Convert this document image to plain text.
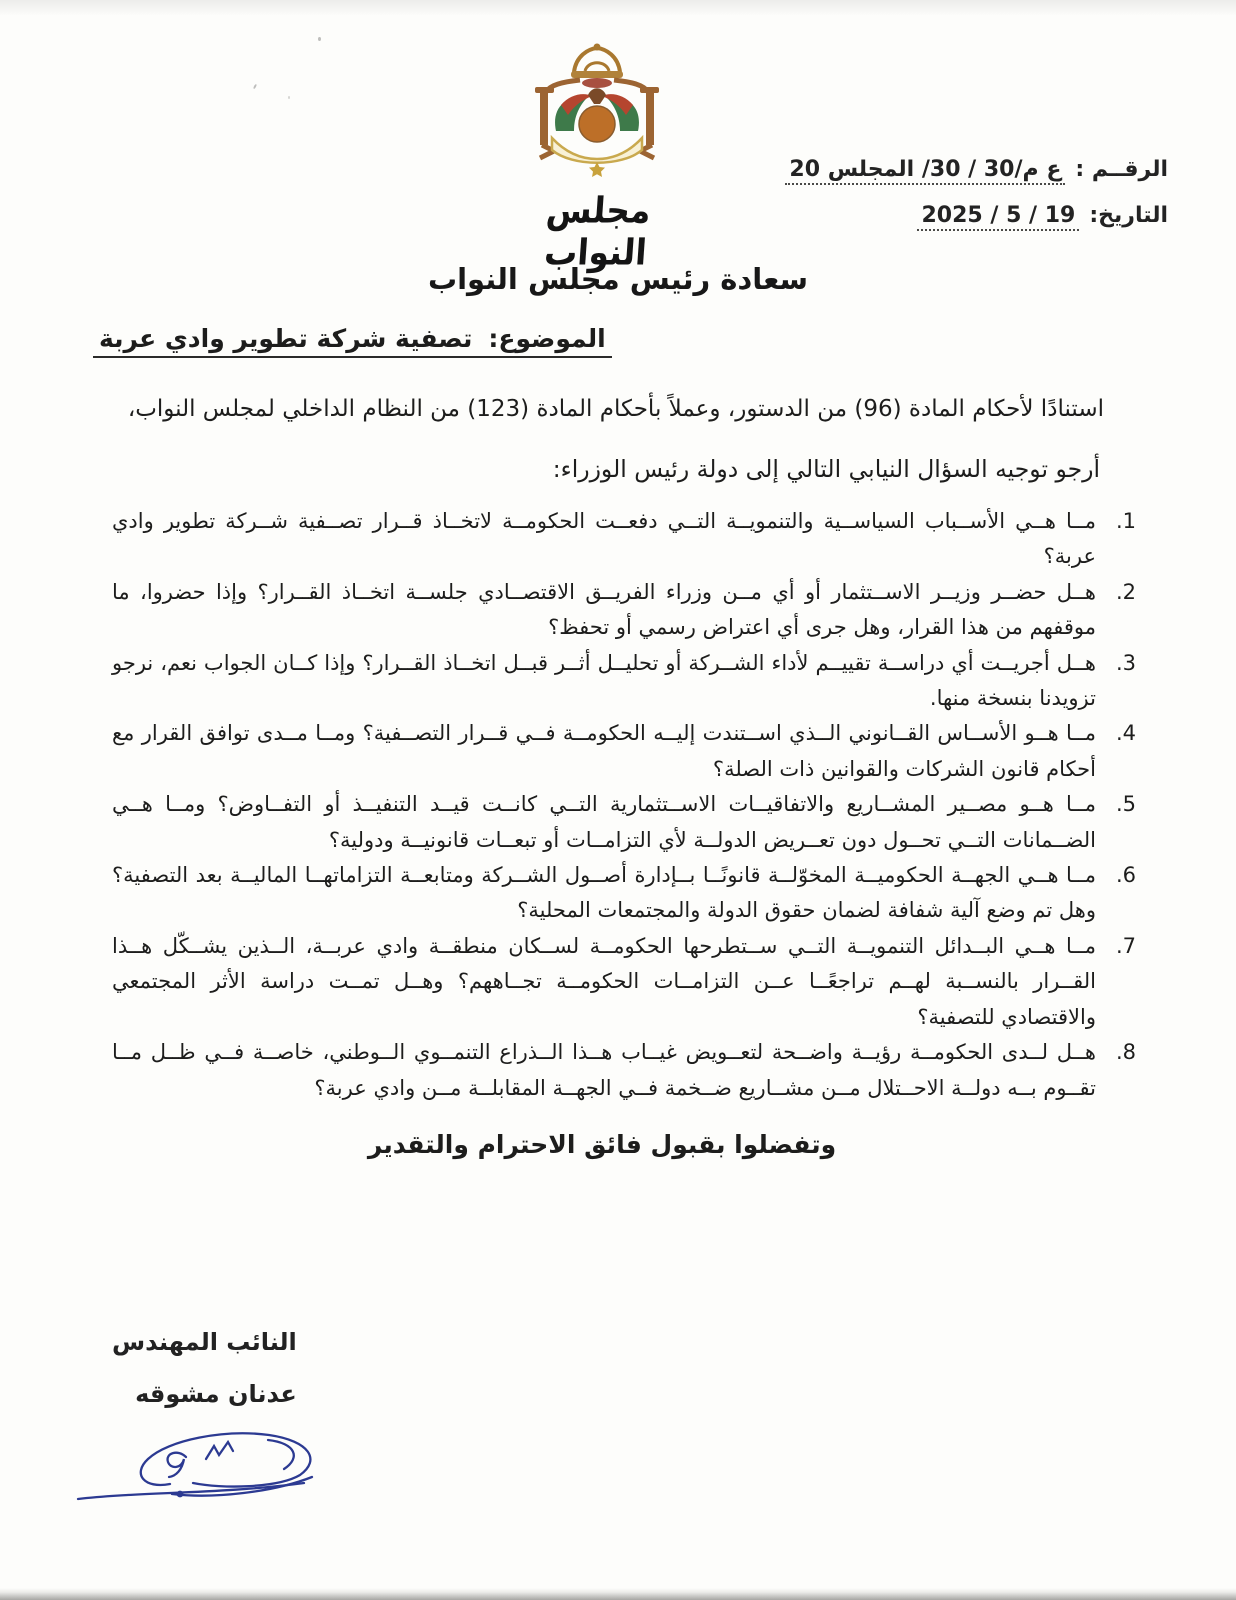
مجلس النواب
الرقــم :ع م/30 / 30/ المجلس 20
التاريخ:19 / 5 / 2025
سعادة رئيس مجلس النواب
الموضوع:تصفية شركة تطوير وادي عربة

استنادًا لأحكام المادة (96) من الدستور، وعملاً بأحكام المادة (123) من النظام الداخلي لمجلس النواب،

أرجو توجيه السؤال النيابي التالي إلى دولة رئيس الوزراء:

1.
مــا هــي الأســباب السياســية والتنمويــة التــي دفعــت الحكومــة لاتخــاذ قــرار تصــفية شــركة تطوير وادي عربة؟
2.
هــل حضــر وزيــر الاســتثمار أو أي مــن وزراء الفريــق الاقتصــادي جلســة اتخــاذ القــرار؟ وإذا حضروا، ما موقفهم من هذا القرار، وهل جرى أي اعتراض رسمي أو تحفظ؟
3.
هــل أجريــت أي دراســة تقييــم لأداء الشــركة أو تحليــل أثــر قبــل اتخــاذ القــرار؟ وإذا كــان الجواب نعم، نرجو تزويدنا بنسخة منها.
4.
مــا هــو الأســاس القــانوني الــذي اســتندت إليــه الحكومــة فــي قــرار التصــفية؟ ومــا مــدى توافق القرار مع أحكام قانون الشركات والقوانين ذات الصلة؟
5.
مــا هــو مصــير المشــاريع والاتفاقيــات الاســتثمارية التــي كانــت قيــد التنفيــذ أو التفــاوض؟ ومــا هــي الضــمانات التــي تحــول دون تعــريض الدولــة لأي التزامــات أو تبعــات قانونيــة ودولية؟
6.
مــا هــي الجهــة الحكوميــة المخوّلــة قانونًــا بــإدارة أصــول الشــركة ومتابعــة التزاماتهــا الماليــة بعد التصفية؟ وهل تم وضع آلية شفافة لضمان حقوق الدولة والمجتمعات المحلية؟
7.
مــا هــي البــدائل التنمويــة التــي ســتطرحها الحكومــة لســكان منطقــة وادي عربــة، الــذين يشــكّل هــذا القــرار بالنســبة لهــم تراجعًــا عــن التزامــات الحكومــة تجــاههم؟ وهــل تمــت دراسة الأثر المجتمعي والاقتصادي للتصفية؟
8.
هــل لــدى الحكومــة رؤيــة واضــحة لتعــويض غيــاب هــذا الــذراع التنمــوي الــوطني، خاصــة فــي ظــل مــا تقــوم بــه دولــة الاحــتلال مــن مشــاريع ضــخمة فــي الجهــة المقابلــة مــن وادي عربة؟

وتفضلوا بقبول فائق الاحترام والتقدير

النائب المهندس
عدنان مشوقه
